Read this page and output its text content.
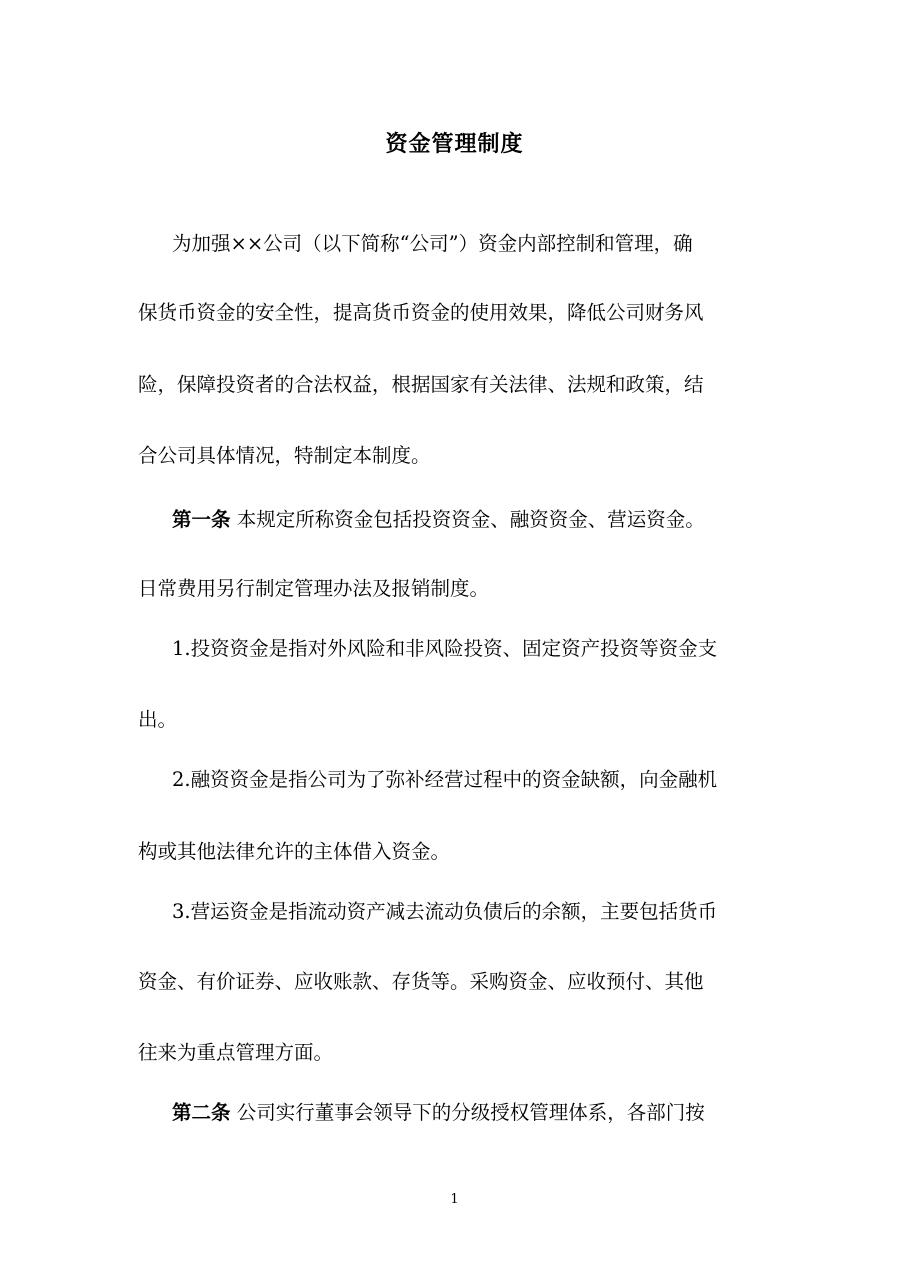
资金管理制度
为加强××公司（以下简称“公司”）资金内部控制和管理，确
保货币资金的安全性，提高货币资金的使用效果，降低公司财务风
险，保障投资者的合法权益，根据国家有关法律、法规和政策，结
合公司具体情况，特制定本制度。
第一条 本规定所称资金包括投资资金、融资资金、营运资金。
日常费用另行制定管理办法及报销制度。
1.投资资金是指对外风险和非风险投资、固定资产投资等资金支
出。
2.融资资金是指公司为了弥补经营过程中的资金缺额，向金融机
构或其他法律允许的主体借入资金。
3.营运资金是指流动资产减去流动负债后的余额，主要包括货币
资金、有价证券、应收账款、存货等。采购资金、应收预付、其他
往来为重点管理方面。
第二条 公司实行董事会领导下的分级授权管理体系，各部门按
1
